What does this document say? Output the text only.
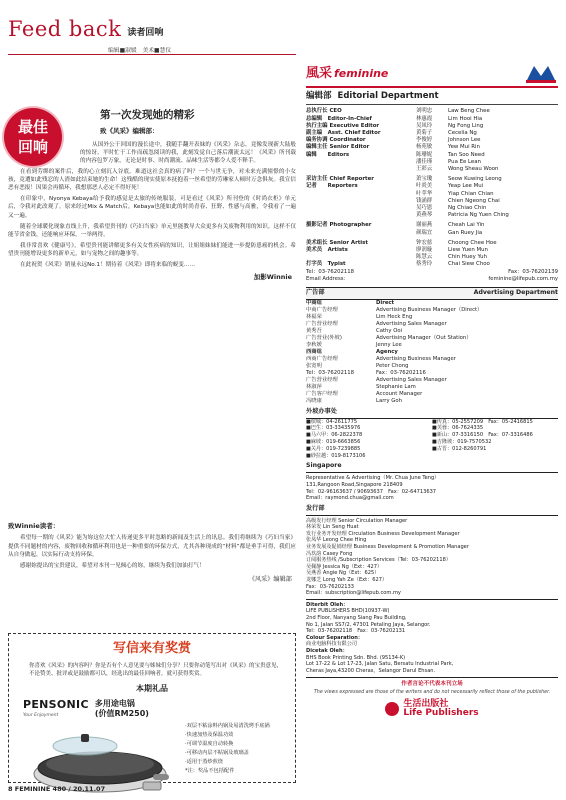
Feed back 读者回响
编辑■淑媛　美术■慧仪
最佳
回响
第一次发现她的精彩
致《风采》编辑部：

从国外公干回国的漫长途中，我随手翻开表妹的《风采》杂志，竟像发现新大陆般的惊讶。平时忙于工作而疏忽阅读的我，此刻发觉自己落后潮流太远！《风采》所刊载的内容包罗万象，无论是时事、时尚潮流、品味生活等都令人爱不释手。

在看到劳绑的案件后，我的心立刻沉入谷底。难道这社会真的病了吗？一个与世无争，对未来充满憧憬的小女孩，竟遭如此残忍的人渣如此结束她的生命！这残酷的现实使原本抚抱着一丝希望的劳琳家人顿时万念俱灰。我宣信恶有恶报！因果会再循环，我想那恶人必定不得好死！

在印象中，Nyonya Kebaya给予我的感觉是太旅的传统服装，可是看过《风采》所刊登的《时尚衣柜》单元后，令我对此改观了。原来经过Mix & Match后，Kebaya也能如此的时尚青春、狂野、性感与高雅，令我看了一遍又一遍。

随着全球暖化现象直线上升，我希望贵刊的《巧妇当家》单元里能教导大众更多有关废物利用的知识。这样不仅能节省金钱，还能响应环保，一举两得。

我非常喜欢《健康号》，希望贵刊能讲解更多有关女性疾病的知识，让姐姐妹妹们能进一步提防患癌的机会。希望贵刊能增设更多的新单元，如与宠物之间的趣事等。

在此祝贺《风采》销量永远No.1！期待着《风采》即将来临的蜕变……

加影Winnie
致Winnie读者：

希望每一期的《风采》能为妳这位大忙人传递更多平时忽略的新闻及生活上的讯息。我们将继续为《巧妇当家》提供不同题材的内容，废物回收和循环利用也是一种重要的环保方式，尤其各种现成的“材料”都是垂手可得，我们应从自身做起，以实际行动支持环保。

感谢妳提出的宝贵建议，希望对本刊一见倾心的妳，继续为我们加油打气！

《风采》编辑部
写信来有奖赏
你喜欢《风采》的内容吗？你是否有个人意见要与姊妹们分享？只要你动笔写出对《风采》的宝贵意见，不论赞美、批评或是鼓励都可以，经选出的最佳回响者，就可获得奖赏。
本期礼品
PENSONIC
Your Enjoyment
多用途电锅
(价值RM250)
·双层不粘涂料内锅及易清洗烤手底锅
·快速加热及保温功效
·可调节温度自动转换
·可移动内层不粘锅及玻璃盖
·适用于蒸炒煎烧
*注：奖品不包括配件
8 FEMININE 480 / 20.11.07
風采 feminine
编辑部 Editorial Department
总执行长 CEO	刘明忠	Law Beng Chee
总编辑　Editor-In-Chief	林惠霞	Lim Hooi Hia
执行主编 Executive Editor	吴凤玲	Ng Fong Ling
副主编　Asst. Chief Editor	黄菊子	Cecelia Ng
编务协调 Coordinator	李俊婷	Johnson Lee
编辑主任 Senior Editor	杨苑敏	Yew Mui Rin
编辑　　Editors	陈珊妮	Tan Soo Need
潘佳瑾	Pua Ee Lean
王彩云	Wong Sheau Woon
采访主任 Chief Reporter	萧宝瓊	Seow Kuwing Leong
记者　　Reporters	叶炎美	Yeap Lee Mui
叶苹华	Yiap Chian Chian
钱涌群	Chien Ngeong Chai
吴巧恩	Ng Chiao Chin
黄燕琴	Patricia Ng Yuen Ching
摄影记者 Photographer	谢丽燕	Cheah Lai Yin
颜瑞宜	Gan Ruey Jia
美术组长 Senior Artist	钟宏慈	Choong Chee Hoe
美术员　Artists	廖润璇	Liew Yuen Mun
陈慧云	Chin Huey Yuh
打字员　Typist	蔡秀玲	Chai Siew Choo
Tel：03-76202118	Fax：03-76202139
Email Address：	feminine@lifepub.com.my
广告部	Advertising Department
中商组	Direct
中商广告经理	Advertising Business Manager（Direct）
林福荣	Lim Heck Eng
广告营业经理	Advertising Sales Manager
黄秀吾	Cathy Ooi
广告营业(外坡)	Advertising Manager（Out Station）
李秋媛	Jenny Lee
西商组	Agency
西商广告经理	Advertising Business Manager
张宽明	Peter Chong
Tel：03-76202118	Fax：03-76202116
广告营业经理	Advertising Sales Manager
林淑萍	Stephanie Lam
广告客户经理	Account Manager
冯晓康	Larry Goh
外坡办事处
■槟城：04-2611775	■传真：05-2557209　Fax：05-2416815
■巴生：03-33435976	■芙蓉：06-7624335
■马六甲：06-2822378	■新山：07-3316150　Fax：07-3316486
■麻坡：019-6663856	■吉隆坡：019-7570532
■关丹：019-7239885	■古晋：012-8260791
■砂拉越：019-8173106
Singapore
Representative & Advertising（Mr. Chua June Teng）
131,Rangoon Road,Singapore 218409
Tel：02-96163637 / 90693637　Fax：02-64713637
Email：raymond.chua@gmail.com
发行部
高级发行经理 Senior Circulation Manager
林荣发 Lin Seng Huat
发行业务开发经理 Circulation Business Development Manager
张凤华 Leong Chee Hing
业务发展及促销经理 Business Development & Promotion Manager
冯玖韵 Casey Fong
订阅服务热线 /Subscription Services（Tel：03-76202118）
吴佩静 Jessica Ng（Ext：427）
吴燕香 Angie Ng（Ext：625）
龙娜芝 Long Yah Ze（Ext：627）
Fax：03-76202133
Email：subscription@lifepub.com.my
Diterbit Oleh：
LIFE PUBLISHERS BHD(10937-W)
2nd Floor, Nanyang Siang Pau Building,
No 1, Jalan SS7/2, 47301 Petaling Jaya, Selangor.
Tel：03-76202118　Fax：03-76202131
Colour Separation：
商业电脑科技有限公司
Dicetak Oleh：
BHS Book Printing Sdn. Bhd. (95134-K)
Lot 17-22 & Lot 17-23, Jalan Satu, Bersatu Industrial Park,
Cheras Jaya,43200 Cheras，Selangor Darul Ehsan.
作者言论不代表本刊立场
The views expressed are those of the writers and do not necessarily reflect those of the publisher.
生活出版社
Life Publishers
